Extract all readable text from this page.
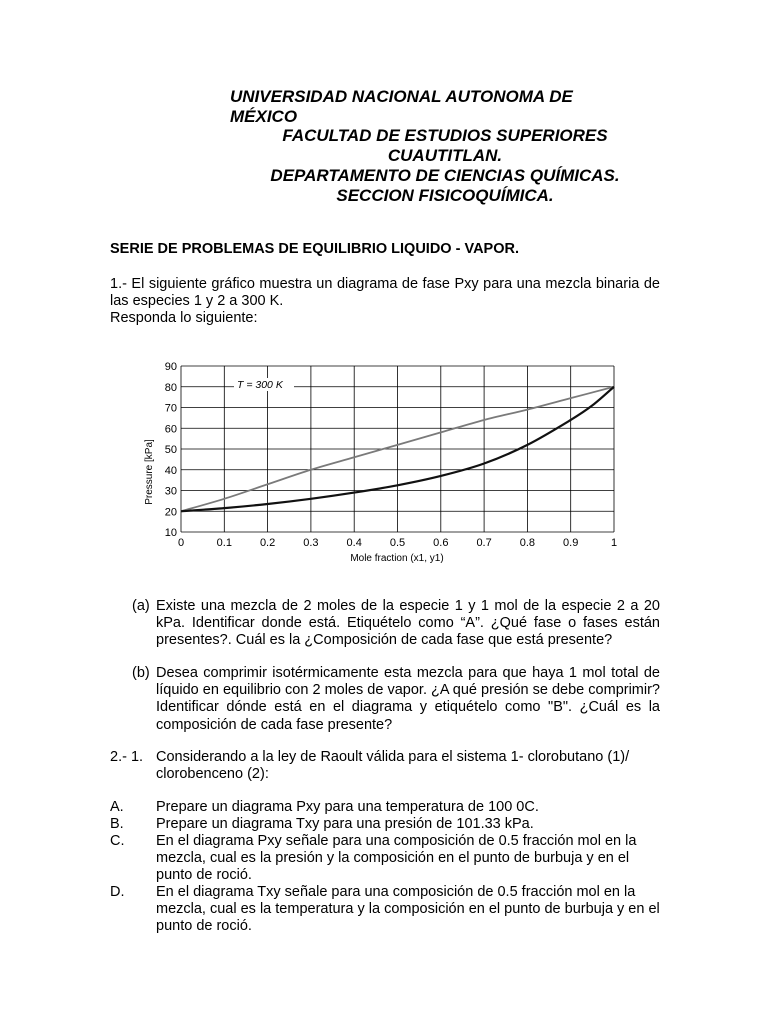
UNIVERSIDAD NACIONAL AUTONOMA DE
MÉXICO
FACULTAD DE ESTUDIOS SUPERIORES
CUAUTITLAN.
DEPARTAMENTO DE CIENCIAS QUÍMICAS.
SECCION FISICOQUÍMICA.
SERIE DE PROBLEMAS DE EQUILIBRIO LIQUIDO - VAPOR.
1.- El siguiente gráfico muestra un diagrama de fase Pxy para una mezcla binaria de las especies 1 y 2 a 300 K.
Responda lo siguiente:
0	0.1	0.2	0.3	0.4	0.5	0.6	0.7	0.8	0.9	1
10
20
30
40
50
60
70
80
90
T = 300 K
Pressure [kPa]
Mole fraction (x1, y1)
(a) Existe una mezcla de 2 moles de la especie 1 y 1 mol de la especie 2 a 20 kPa. Identificar donde está. Etiquételo como “A”. ¿Qué fase o fases están presentes?. Cuál es la ¿Composición de cada fase que está presente?
(b) Desea comprimir isotérmicamente esta mezcla para que haya 1 mol total de líquido en equilibrio con 2 moles de vapor. ¿A qué presión se debe comprimir? Identificar dónde está en el diagrama y etiquételo como "B". ¿Cuál es la composición de cada fase presente?
2.- 1. Considerando a la ley de Raoult válida para el sistema 1- clorobutano (1)/ clorobenceno (2):
A. Prepare un diagrama Pxy para una temperatura de 100 0C.
B. Prepare un diagrama Txy para una presión de 101.33 kPa.
C. En el diagrama Pxy señale para una composición de 0.5 fracción mol en la mezcla, cual es la presión y la composición en el punto de burbuja y en el punto de roció.
D. En el diagrama Txy señale para una composición de 0.5 fracción mol en la mezcla, cual es la temperatura y la composición en el punto de burbuja y en el punto de roció.
